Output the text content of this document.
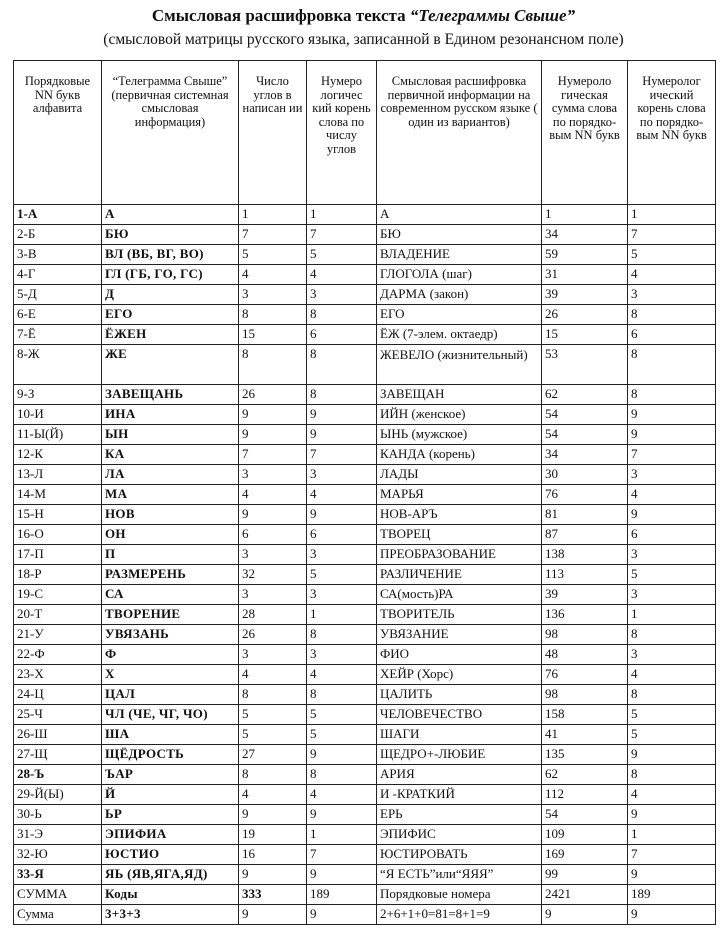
Смысловая расшифровка текста “Телеграммы Свыше”
(смысловой матрицы русского языка, записанной в Едином резонансном поле)
Порядковые NN букв алфавита	“Телеграмма Свыше” (первичная системная смысловая информация)	Число углов в написан ии	Нумеро логичес кий корень слова по числу углов	Смысловая расшифровка первичной информации на современном русском языке ( один из вариантов)	Нумероло гическая сумма слова по порядко-вым NN букв	Нумеролог ический корень слова по порядко-вым NN букв
1-А	А	1	1	А	1	1
2-Б	БЮ	7	7	БЮ	34	7
3-В	ВЛ (ВБ, ВГ, ВО)	5	5	ВЛАДЕНИЕ	59	5
4-Г	ГЛ (ГБ, ГО, ГС)	4	4	ГЛОГОЛА (шаг)	31	4
5-Д	Д	3	3	ДАРМА (закон)	39	3
6-Е	ЕГО	8	8	ЕГО	26	8
7-Ё	ЁЖЕН	15	6	ЁЖ (7-элем. октаедр)	15	6
8-Ж	ЖЕ	8	8	ЖЕВЕЛО (жизнительный)	53	8
9-З	ЗАВЕЩАНЬ	26	8	ЗАВЕЩАН	62	8
10-И	ИНА	9	9	ИЙН (женское)	54	9
11-Ы(Й)	ЫН	9	9	ЫНЬ (мужское)	54	9
12-К	КА	7	7	КАНДА (корень)	34	7
13-Л	ЛА	3	3	ЛАДЫ	30	3
14-М	МА	4	4	МАРЬЯ	76	4
15-Н	НОВ	9	9	НОВ-АРЪ	81	9
16-О	ОН	6	6	ТВОРЕЦ	87	6
17-П	П	3	3	ПРЕОБРАЗОВАНИЕ	138	3
18-Р	РАЗМЕРЕНЬ	32	5	РАЗЛИЧЕНИЕ	113	5
19-С	СА	3	3	СА(мость)РА	39	3
20-Т	ТВОРЕНИЕ	28	1	ТВОРИТЕЛЬ	136	1
21-У	УВЯЗАНЬ	26	8	УВЯЗАНИЕ	98	8
22-Ф	Ф	3	3	ФИО	48	3
23-Х	Х	4	4	ХЕЙР (Хорс)	76	4
24-Ц	ЦАЛ	8	8	ЦАЛИТЬ	98	8
25-Ч	ЧЛ (ЧЕ, ЧГ, ЧО)	5	5	ЧЕЛОВЕЧЕСТВО	158	5
26-Ш	ША	5	5	ШАГИ	41	5
27-Щ	ЩЁДРОСТЬ	27	9	ЩЕДРО+-ЛЮБИЕ	135	9
28-Ъ	ЪАР	8	8	АРИЯ	62	8
29-Й(Ы)	Й	4	4	И -КРАТКИЙ	112	4
30-Ь	ЬР	9	9	ЕРЬ	54	9
31-Э	ЭПИФИА	19	1	ЭПИФИС	109	1
32-Ю	ЮСТИО	16	7	ЮСТИРОВАТЬ	169	7
33-Я	ЯЬ (ЯВ,ЯГА,ЯД)	9	9	“Я ЕСТЬ”или“ЯЯЯ”	99	9
СУММА	Коды	333	189	Порядковые номера	2421	189
Сумма	3+3+3	9	9	2+6+1+0=81=8+1=9	9	9
